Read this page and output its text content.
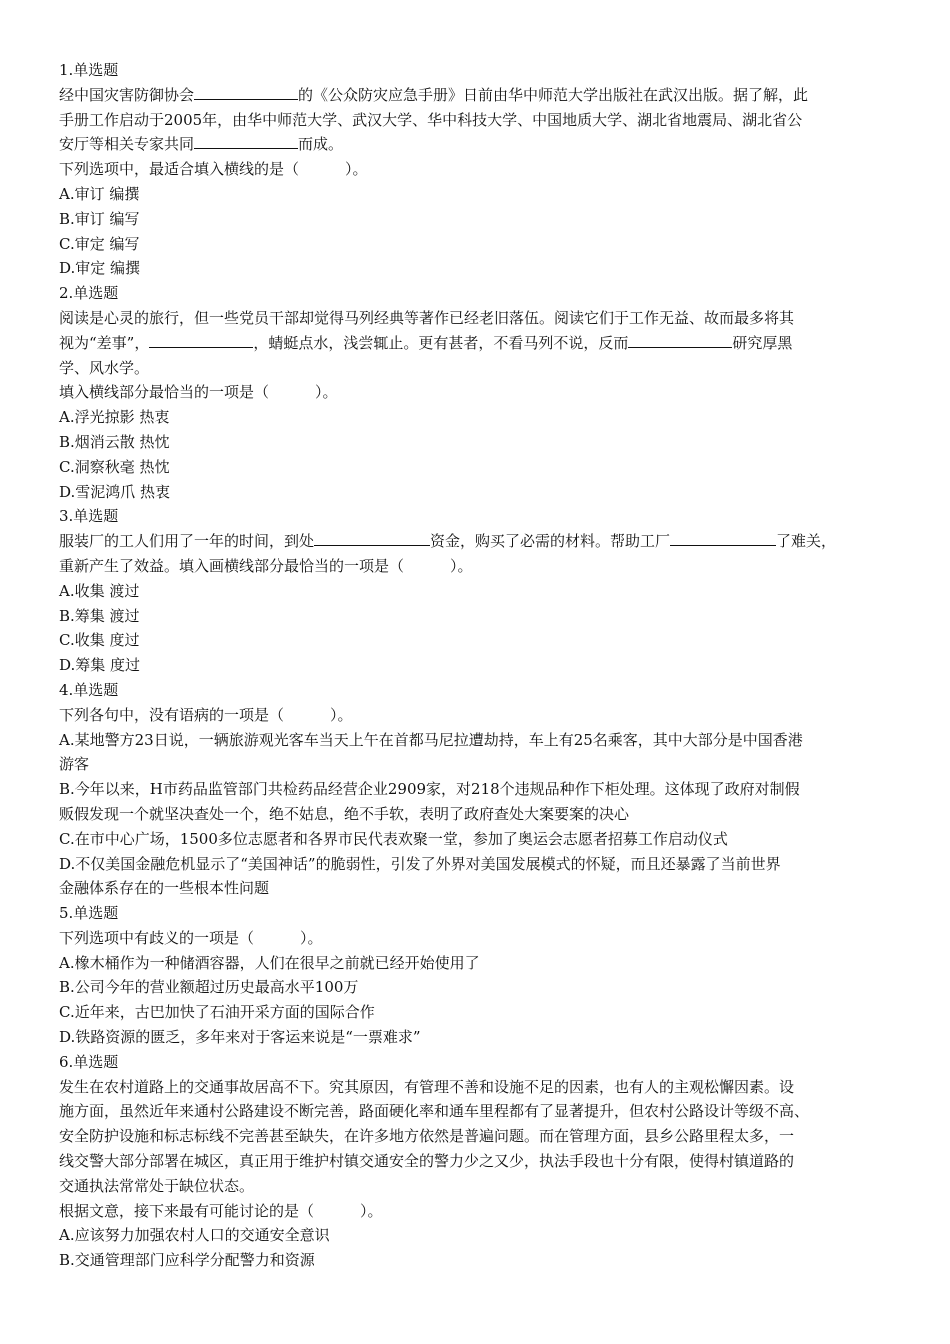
1.单选题
经中国灾害防御协会	的《公众防灾应急手册》日前由华中师范大学出版社在武汉出版。据了解，此
手册工作启动于2005年，由华中师范大学、武汉大学、华中科技大学、中国地质大学、湖北省地震局、湖北省公
安厅等相关专家共同	而成。
下列选项中，最适合填入横线的是（	）。
A.审订 编撰
B.审订 编写
C.审定 编写
D.审定 编撰
2.单选题
阅读是心灵的旅行，但一些党员干部却觉得马列经典等著作已经老旧落伍。阅读它们于工作无益、故而最多将其
视为“差事”，	，蜻蜓点水，浅尝辄止。更有甚者，不看马列不说，反而	研究厚黑
学、风水学。
填入横线部分最恰当的一项是（	）。
A.浮光掠影 热衷
B.烟消云散 热忱
C.洞察秋毫 热忱
D.雪泥鸿爪 热衷
3.单选题
服装厂的工人们用了一年的时间，到处	资金，购买了必需的材料。帮助工厂	了难关，
重新产生了效益。填入画横线部分最恰当的一项是（	）。
A.收集 渡过
B.筹集 渡过
C.收集 度过
D.筹集 度过
4.单选题
下列各句中，没有语病的一项是（	）。
A.某地警方23日说，一辆旅游观光客车当天上午在首都马尼拉遭劫持，车上有25名乘客，其中大部分是中国香港
游客
B.今年以来，H市药品监管部门共检药品经营企业2909家，对218个违规品种作下柜处理。这体现了政府对制假
贩假发现一个就坚决查处一个，绝不姑息，绝不手软，表明了政府查处大案要案的决心
C.在市中心广场，1500多位志愿者和各界市民代表欢聚一堂，参加了奥运会志愿者招募工作启动仪式
D.不仅美国金融危机显示了“美国神话”的脆弱性，引发了外界对美国发展模式的怀疑，而且还暴露了当前世界
金融体系存在的一些根本性问题
5.单选题
下列选项中有歧义的一项是（	）。
A.橡木桶作为一种储酒容器，人们在很早之前就已经开始使用了
B.公司今年的营业额超过历史最高水平100万
C.近年来，古巴加快了石油开采方面的国际合作
D.铁路资源的匮乏，多年来对于客运来说是“一票难求”
6.单选题
发生在农村道路上的交通事故居高不下。究其原因，有管理不善和设施不足的因素，也有人的主观松懈因素。设
施方面，虽然近年来通村公路建设不断完善，路面硬化率和通车里程都有了显著提升，但农村公路设计等级不高、
安全防护设施和标志标线不完善甚至缺失，在许多地方依然是普遍问题。而在管理方面，县乡公路里程太多，一
线交警大部分部署在城区，真正用于维护村镇交通安全的警力少之又少，执法手段也十分有限，使得村镇道路的
交通执法常常处于缺位状态。
根据文意，接下来最有可能讨论的是（	）。
A.应该努力加强农村人口的交通安全意识
B.交通管理部门应科学分配警力和资源
